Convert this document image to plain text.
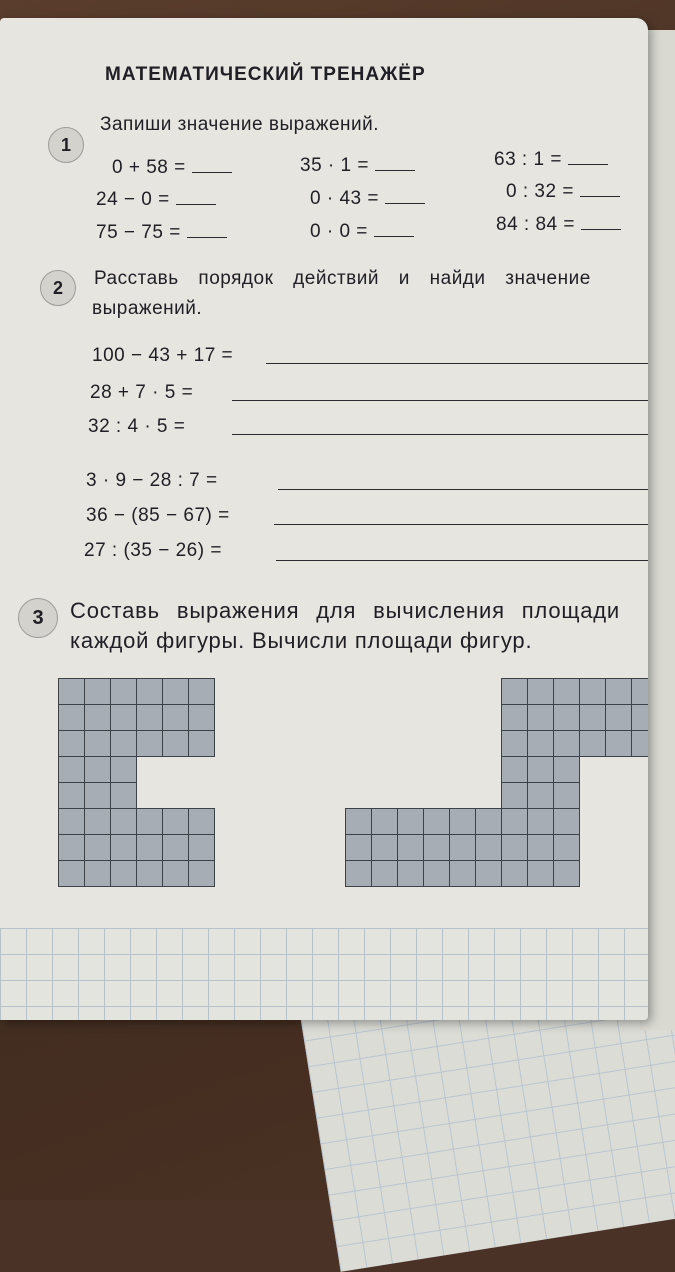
МАТЕМАТИЧЕСКИЙ ТРЕНАЖЁР
1
Запиши значение выражений.
0 + 58 =
24 − 0 =
75 − 75 =
35 · 1 =
0 · 43 =
0 · 0 =
63 : 1 =
0 : 32 =
84 : 84 =
2	Расставь порядок действий и найди значение
выражений.
100 − 43 + 17 =
28 + 7 · 5 =
32 : 4 · 5 =
3 · 9 − 28 : 7 =
36 − (85 − 67) =
27 : (35 − 26) =
3	Составь выражения для вычисления площади
каждой фигуры. Вычисли площади фигур.
